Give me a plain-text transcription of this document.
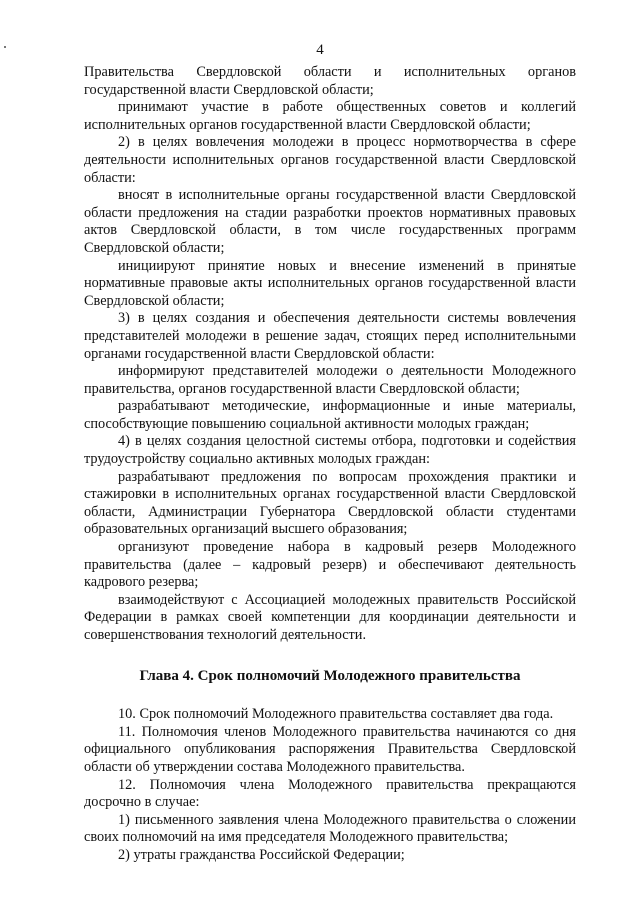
4

Правительства Свердловской области и исполнительных органов государственной власти Свердловской области;

принимают участие в работе общественных советов и коллегий исполнительных органов государственной власти Свердловской области;

2) в целях вовлечения молодежи в процесс нормотворчества в сфере деятельности исполнительных органов государственной власти Свердловской области:

вносят в исполнительные органы государственной власти Свердловской области предложения на стадии разработки проектов нормативных правовых актов Свердловской области, в том числе государственных программ Свердловской области;

инициируют принятие новых и внесение изменений в принятые нормативные правовые акты исполнительных органов государственной власти Свердловской области;

3) в целях создания и обеспечения деятельности системы вовлечения представителей молодежи в решение задач, стоящих перед исполнительными органами государственной власти Свердловской области:

информируют представителей молодежи о деятельности Молодежного правительства, органов государственной власти Свердловской области;

разрабатывают методические, информационные и иные материалы, способствующие повышению социальной активности молодых граждан;

4) в целях создания целостной системы отбора, подготовки и содействия трудоустройству социально активных молодых граждан:

разрабатывают предложения по вопросам прохождения практики и стажировки в исполнительных органах государственной власти Свердловской области, Администрации Губернатора Свердловской области студентами образовательных организаций высшего образования;

организуют проведение набора в кадровый резерв Молодежного правительства (далее – кадровый резерв) и обеспечивают деятельность кадрового резерва;

взаимодействуют с Ассоциацией молодежных правительств Российской Федерации в рамках своей компетенции для координации деятельности и совершенствования технологий деятельности.

Глава 4. Срок полномочий Молодежного правительства

10. Срок полномочий Молодежного правительства составляет два года.

11. Полномочия членов Молодежного правительства начинаются со дня официального опубликования распоряжения Правительства Свердловской области об утверждении состава Молодежного правительства.

12. Полномочия члена Молодежного правительства прекращаются досрочно в случае:

1) письменного заявления члена Молодежного правительства о сложении своих полномочий на имя председателя Молодежного правительства;

2) утраты гражданства Российской Федерации;
